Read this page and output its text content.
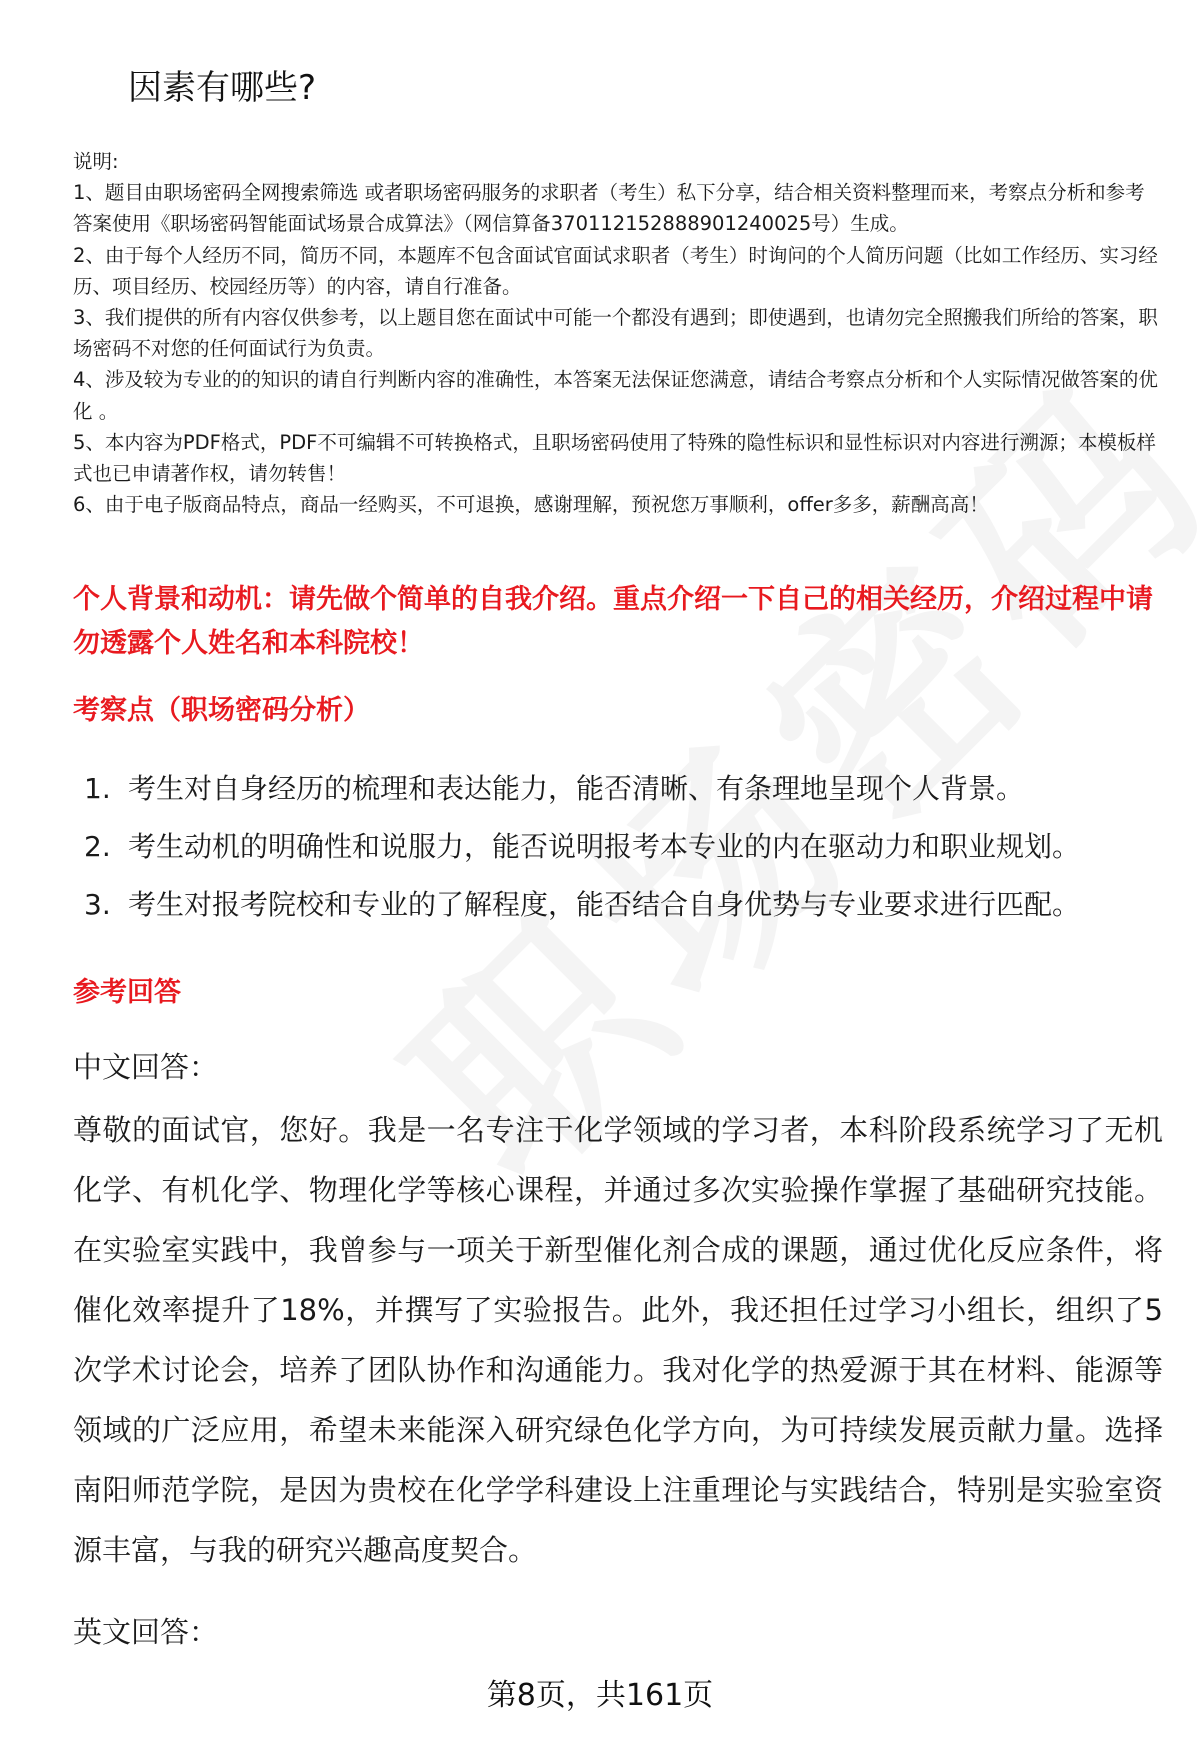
因素有哪些?

说明:

1、题目由职场密码全网搜索筛选 或者职场密码服务的求职者（考生）私下分享，结合相关资料整理而来，考察点分析和参考答案使用《职场密码智能面试场景合成算法》（网信算备370112152888901240025号）生成。

2、由于每个人经历不同，简历不同，本题库不包含面试官面试求职者（考生）时询问的个人简历问题（比如工作经历、实习经历、项目经历、校园经历等）的内容，请自行准备。

3、我们提供的所有内容仅供参考，以上题目您在面试中可能一个都没有遇到；即使遇到，也请勿完全照搬我们所给的答案，职场密码不对您的任何面试行为负责。

4、涉及较为专业的的知识的请自行判断内容的准确性，本答案无法保证您满意，请结合考察点分析和个人实际情况做答案的优化 。

5、本内容为PDF格式，PDF不可编辑不可转换格式，且职场密码使用了特殊的隐性标识和显性标识对内容进行溯源；本模板样式也已申请著作权，请勿转售！

6、由于电子版商品特点，商品一经购买，不可退换，感谢理解，预祝您万事顺利，offer多多，薪酬高高！

个人背景和动机：请先做个简单的自我介绍。重点介绍一下自己的相关经历，介绍过程中请勿透露个人姓名和本科院校！
考察点（职场密码分析）
1. 考生对自身经历的梳理和表达能力，能否清晰、有条理地呈现个人背景。
2. 考生动机的明确性和说服力，能否说明报考本专业的内在驱动力和职业规划。
3. 考生对报考院校和专业的了解程度，能否结合自身优势与专业要求进行匹配。
参考回答
中文回答：

尊敬的面试官，您好。我是一名专注于化学领域的学习者，本科阶段系统学习了无机化学、有机化学、物理化学等核心课程，并通过多次实验操作掌握了基础研究技能。在实验室实践中，我曾参与一项关于新型催化剂合成的课题，通过优化反应条件，将催化效率提升了18%，并撰写了实验报告。此外，我还担任过学习小组长，组织了5次学术讨论会，培养了团队协作和沟通能力。我对化学的热爱源于其在材料、能源等领域的广泛应用，希望未来能深入研究绿色化学方向，为可持续发展贡献力量。选择南阳师范学院，是因为贵校在化学学科建设上注重理论与实践结合，特别是实验室资源丰富，与我的研究兴趣高度契合。

英文回答：
第8页，共161页
